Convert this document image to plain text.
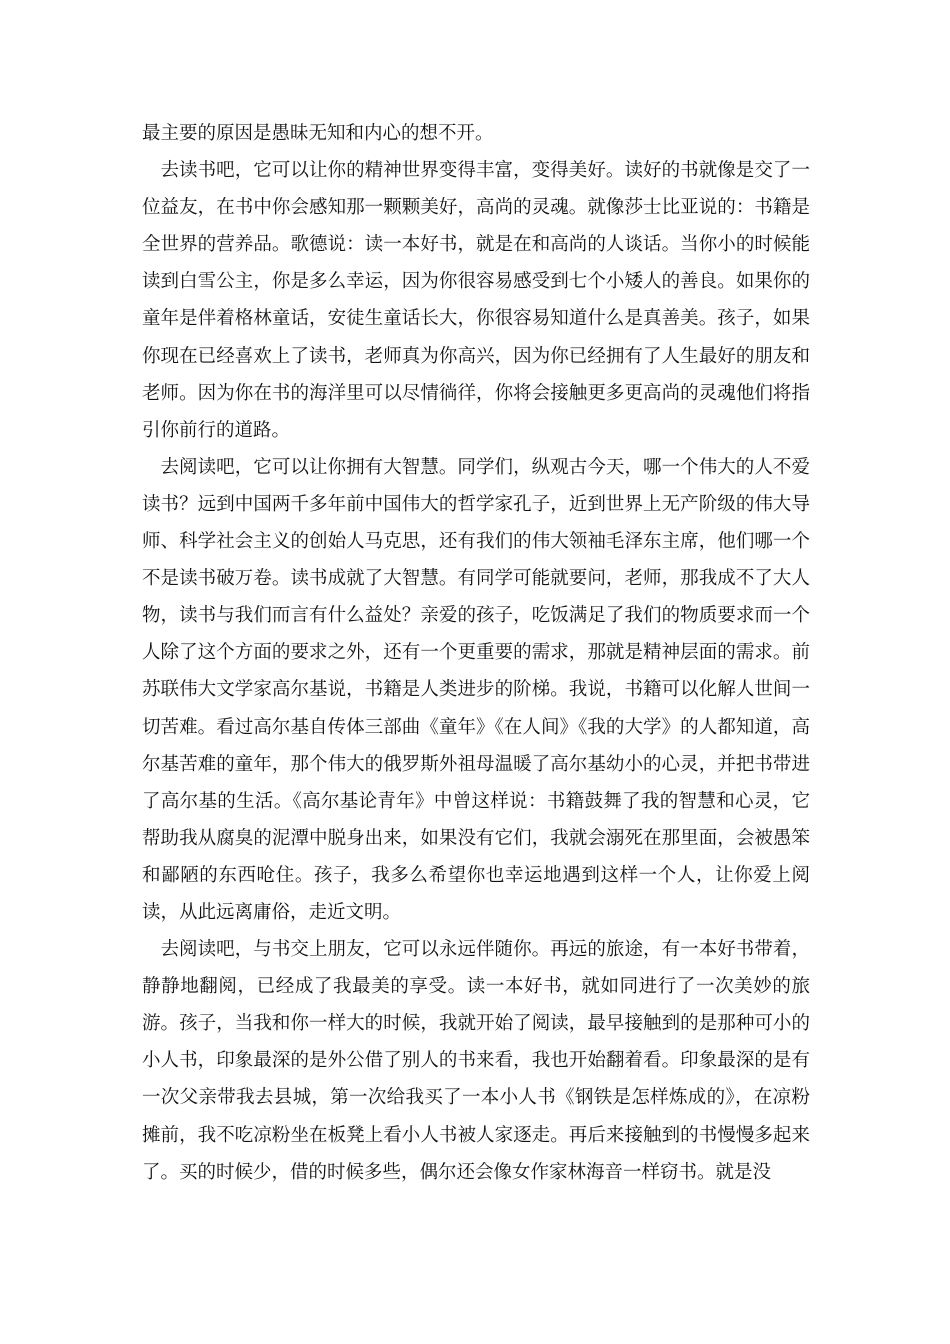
最主要的原因是愚昧无知和内心的想不开。

去读书吧，它可以让你的精神世界变得丰富，变得美好。读好的书就像是交了一位益友，在书中你会感知那一颗颗美好，高尚的灵魂。就像莎士比亚说的：书籍是全世界的营养品。歌德说：读一本好书，就是在和高尚的人谈话。当你小的时候能读到白雪公主，你是多么幸运，因为你很容易感受到七个小矮人的善良。如果你的童年是伴着格林童话，安徒生童话长大，你很容易知道什么是真善美。孩子，如果你现在已经喜欢上了读书，老师真为你高兴，因为你已经拥有了人生最好的朋友和老师。因为你在书的海洋里可以尽情徜徉，你将会接触更多更高尚的灵魂他们将指引你前行的道路。

去阅读吧，它可以让你拥有大智慧。同学们，纵观古今天，哪一个伟大的人不爱读书？远到中国两千多年前中国伟大的哲学家孔子，近到世界上无产阶级的伟大导师、科学社会主义的创始人马克思，还有我们的伟大领袖毛泽东主席，他们哪一个不是读书破万卷。读书成就了大智慧。有同学可能就要问，老师，那我成不了大人物，读书与我们而言有什么益处？亲爱的孩子，吃饭满足了我们的物质要求而一个人除了这个方面的要求之外，还有一个更重要的需求，那就是精神层面的需求。前苏联伟大文学家高尔基说，书籍是人类进步的阶梯。我说，书籍可以化解人世间一切苦难。看过高尔基自传体三部曲《童年》《在人间》《我的大学》的人都知道，高尔基苦难的童年，那个伟大的俄罗斯外祖母温暖了高尔基幼小的心灵，并把书带进了高尔基的生活。《高尔基论青年》中曾这样说：书籍鼓舞了我的智慧和心灵，它帮助我从腐臭的泥潭中脱身出来，如果没有它们，我就会溺死在那里面，会被愚笨和鄙陋的东西呛住。孩子，我多么希望你也幸运地遇到这样一个人，让你爱上阅读，从此远离庸俗，走近文明。

去阅读吧，与书交上朋友，它可以永远伴随你。再远的旅途，有一本好书带着，静静地翻阅，已经成了我最美的享受。读一本好书，就如同进行了一次美妙的旅游。孩子，当我和你一样大的时候，我就开始了阅读，最早接触到的是那种可小的小人书，印象最深的是外公借了别人的书来看，我也开始翻着看。印象最深的是有一次父亲带我去县城，第一次给我买了一本小人书《钢铁是怎样炼成的》，在凉粉摊前，我不吃凉粉坐在板凳上看小人书被人家逐走。再后来接触到的书慢慢多起来了。买的时候少，借的时候多些，偶尔还会像女作家林海音一样窃书。就是没
